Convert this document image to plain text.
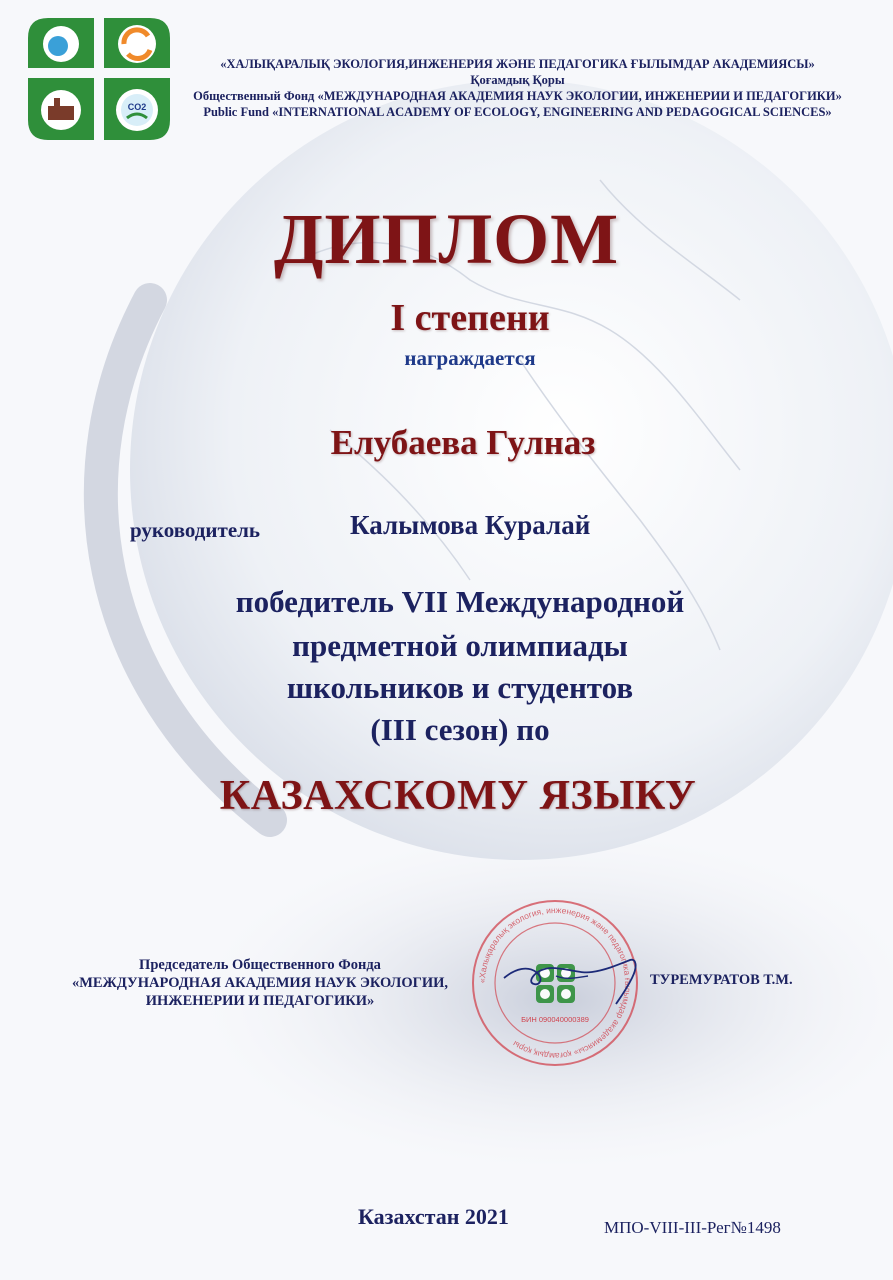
CO2
«ХАЛЫҚАРАЛЫҚ ЭКОЛОГИЯ,ИНЖЕНЕРИЯ ЖӘНЕ ПЕДАГОГИКА ҒЫЛЫМДАР АКАДЕМИЯСЫ»
Қоғамдық Қоры
Общественный Фонд «МЕЖДУНАРОДНАЯ АКАДЕМИЯ НАУК ЭКОЛОГИИ, ИНЖЕНЕРИИ И ПЕДАГОГИКИ»
Public Fund «INTERNATIONAL ACADEMY OF ECOLOGY, ENGINEERING AND PEDAGOGICAL SCIENCES»
ДИПЛОМ
I степени
награждается
Елубаева Гулназ
руководитель	Калымова Куралай
победитель VII Международной
предметной олимпиады
школьников и студентов
(III сезон) по
КАЗАХСКОМУ ЯЗЫКУ
Председатель Общественного Фонда
«МЕЖДУНАРОДНАЯ АКАДЕМИЯ НАУК ЭКОЛОГИИ,
ИНЖЕНЕРИИ И ПЕДАГОГИКИ»
«Халықаралық экология, инженерия және педагогика ғылымдар академиясы» қоғамдық қоры
БИН 090040000389
ТУРЕМУРАТОВ Т.М.
Казахстан 2021	МПО-VIII-III-Рег№1498
